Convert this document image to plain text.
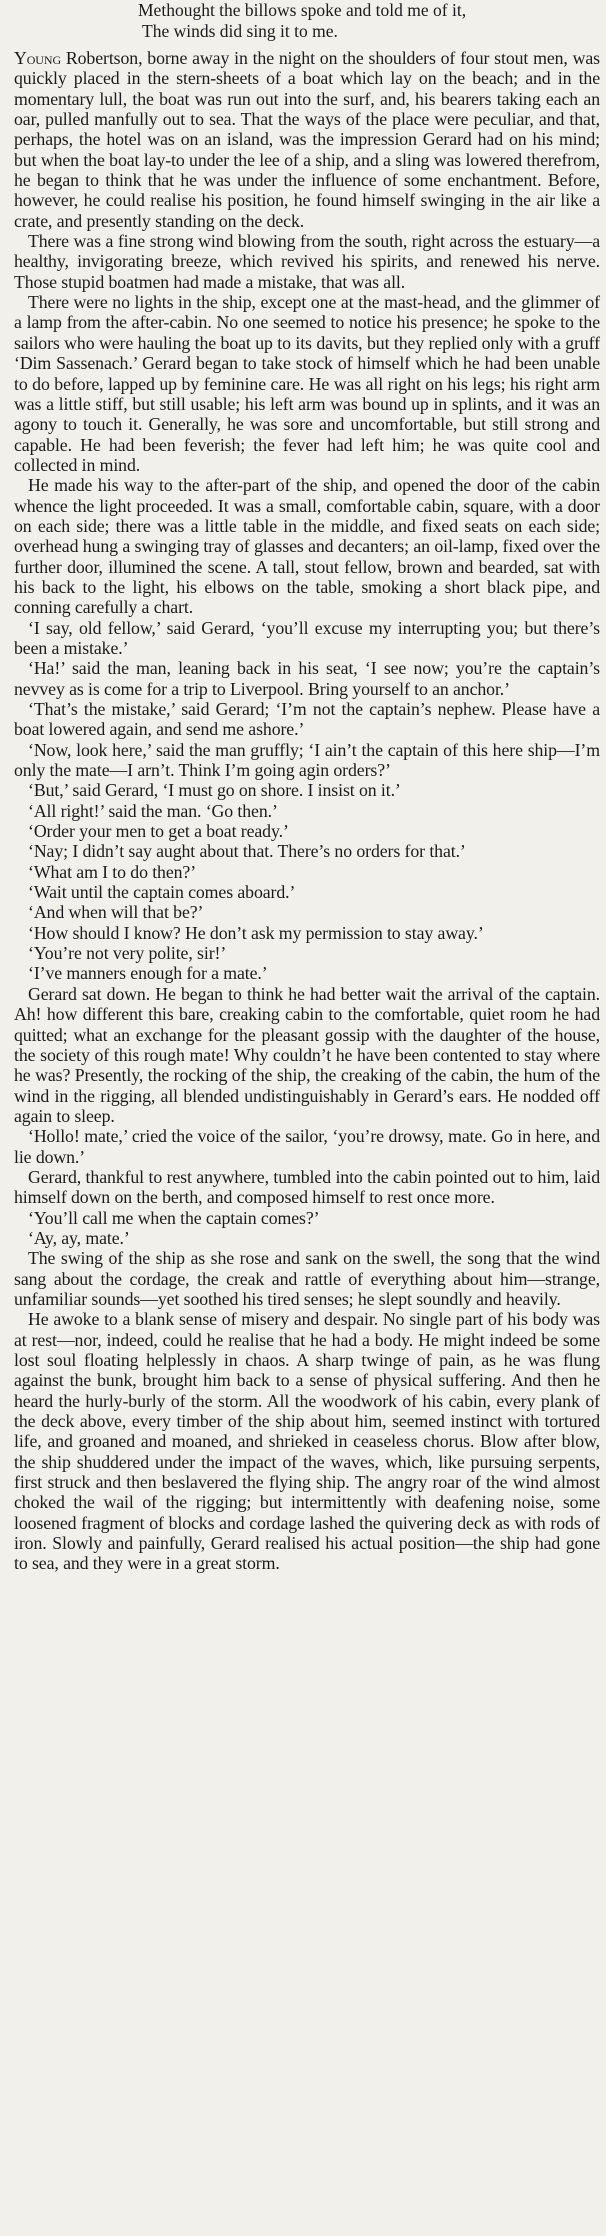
Methought the billows spoke and told me of it,
The winds did sing it to me.

Young Robertson, borne away in the night on the shoulders of four stout men, was quickly placed in the stern-sheets of a boat which lay on the beach; and in the momentary lull, the boat was run out into the surf, and, his bearers taking each an oar, pulled manfully out to sea. That the ways of the place were peculiar, and that, perhaps, the hotel was on an island, was the impression Gerard had on his mind; but when the boat lay-to under the lee of a ship, and a sling was lowered therefrom, he began to think that he was under the influence of some enchantment. Before, however, he could realise his position, he found himself swinging in the air like a crate, and presently standing on the deck.

There was a fine strong wind blowing from the south, right across the estuary—a healthy, invigorating breeze, which revived his spirits, and renewed his nerve. Those stupid boatmen had made a mistake, that was all.

There were no lights in the ship, except one at the mast-head, and the glimmer of a lamp from the after-cabin. No one seemed to notice his presence; he spoke to the sailors who were hauling the boat up to its davits, but they replied only with a gruff ‘Dim Sassenach.’ Gerard began to take stock of himself which he had been unable to do before, lapped up by feminine care. He was all right on his legs; his right arm was a little stiff, but still usable; his left arm was bound up in splints, and it was an agony to touch it. Generally, he was sore and uncomfortable, but still strong and capable. He had been feverish; the fever had left him; he was quite cool and collected in mind.

He made his way to the after-part of the ship, and opened the door of the cabin whence the light proceeded. It was a small, comfortable cabin, square, with a door on each side; there was a little table in the middle, and fixed seats on each side; overhead hung a swinging tray of glasses and decanters; an oil-lamp, fixed over the further door, illumined the scene. A tall, stout fellow, brown and bearded, sat with his back to the light, his elbows on the table, smoking a short black pipe, and conning carefully a chart.

‘I say, old fellow,’ said Gerard, ‘you’ll excuse my interrupting you; but there’s been a mistake.’

‘Ha!’ said the man, leaning back in his seat, ‘I see now; you’re the captain’s nevvey as is come for a trip to Liverpool. Bring yourself to an anchor.’

‘That’s the mistake,’ said Gerard; ‘I’m not the captain’s nephew. Please have a boat lowered again, and send me ashore.’

‘Now, look here,’ said the man gruffly; ‘I ain’t the captain of this here ship—I’m only the mate—I arn’t. Think I’m going agin orders?’

‘But,’ said Gerard, ‘I must go on shore. I insist on it.’

‘All right!’ said the man. ‘Go then.’

‘Order your men to get a boat ready.’

‘Nay; I didn’t say aught about that. There’s no orders for that.’

‘What am I to do then?’

‘Wait until the captain comes aboard.’

‘And when will that be?’

‘How should I know? He don’t ask my permission to stay away.’

‘You’re not very polite, sir!’

‘I’ve manners enough for a mate.’

Gerard sat down. He began to think he had better wait the arrival of the captain. Ah! how different this bare, creaking cabin to the comfortable, quiet room he had quitted; what an exchange for the pleasant gossip with the daughter of the house, the society of this rough mate! Why couldn’t he have been contented to stay where he was? Presently, the rocking of the ship, the creaking of the cabin, the hum of the wind in the rigging, all blended undistinguishably in Gerard’s ears. He nodded off again to sleep.

‘Hollo! mate,’ cried the voice of the sailor, ‘you’re drowsy, mate. Go in here, and lie down.’

Gerard, thankful to rest anywhere, tumbled into the cabin pointed out to him, laid himself down on the berth, and composed himself to rest once more.

‘You’ll call me when the captain comes?’

‘Ay, ay, mate.’

The swing of the ship as she rose and sank on the swell, the song that the wind sang about the cordage, the creak and rattle of everything about him—strange, unfamiliar sounds—yet soothed his tired senses; he slept soundly and heavily.

He awoke to a blank sense of misery and despair. No single part of his body was at rest—nor, indeed, could he realise that he had a body. He might indeed be some lost soul floating helplessly in chaos. A sharp twinge of pain, as he was flung against the bunk, brought him back to a sense of physical suffering. And then he heard the hurly-burly of the storm. All the woodwork of his cabin, every plank of the deck above, every timber of the ship about him, seemed instinct with tortured life, and groaned and moaned, and shrieked in ceaseless chorus. Blow after blow, the ship shuddered under the impact of the waves, which, like pursuing serpents, first struck and then beslavered the flying ship. The angry roar of the wind almost choked the wail of the rigging; but intermittently with deafening noise, some loosened fragment of blocks and cordage lashed the quivering deck as with rods of iron. Slowly and painfully, Gerard realised his actual position—the ship had gone to sea, and they were in a great storm.
